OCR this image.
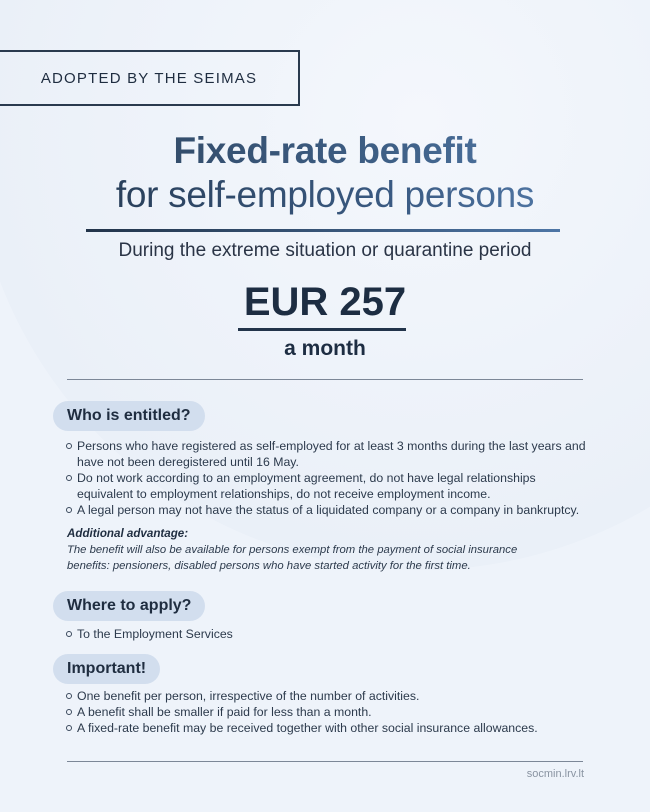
ADOPTED BY THE SEIMAS
Fixed-rate benefit
for self-employed persons
During the extreme situation or quarantine period
EUR 257
a month
Who is entitled?
Persons who have registered as self-employed for at least 3 months during the last years and have not been deregistered until 16 May.
Do not work according to an employment agreement, do not have legal relationships equivalent to employment relationships, do not receive employment income.
A legal person may not have the status of a liquidated company or a company in bankruptcy.
Additional advantage:
The benefit will also be available for persons exempt from the payment of social insurance benefits: pensioners, disabled persons who have started activity for the first time.
Where to apply?
To the Employment Services
Important!
One benefit per person, irrespective of the number of activities.
A benefit shall be smaller if paid for less than a month.
A fixed-rate benefit may be received together with other social insurance allowances.
socmin.lrv.lt
